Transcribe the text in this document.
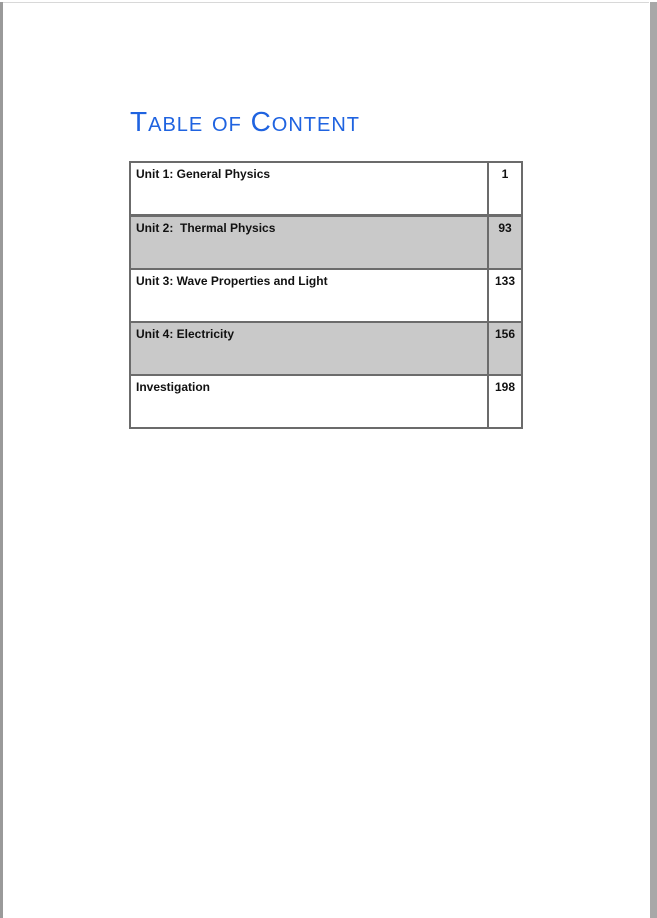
Table of Content
Unit 1: General Physics	1
Unit 2:  Thermal Physics	93
Unit 3: Wave Properties and Light	133
Unit 4: Electricity	156
Investigation	198
